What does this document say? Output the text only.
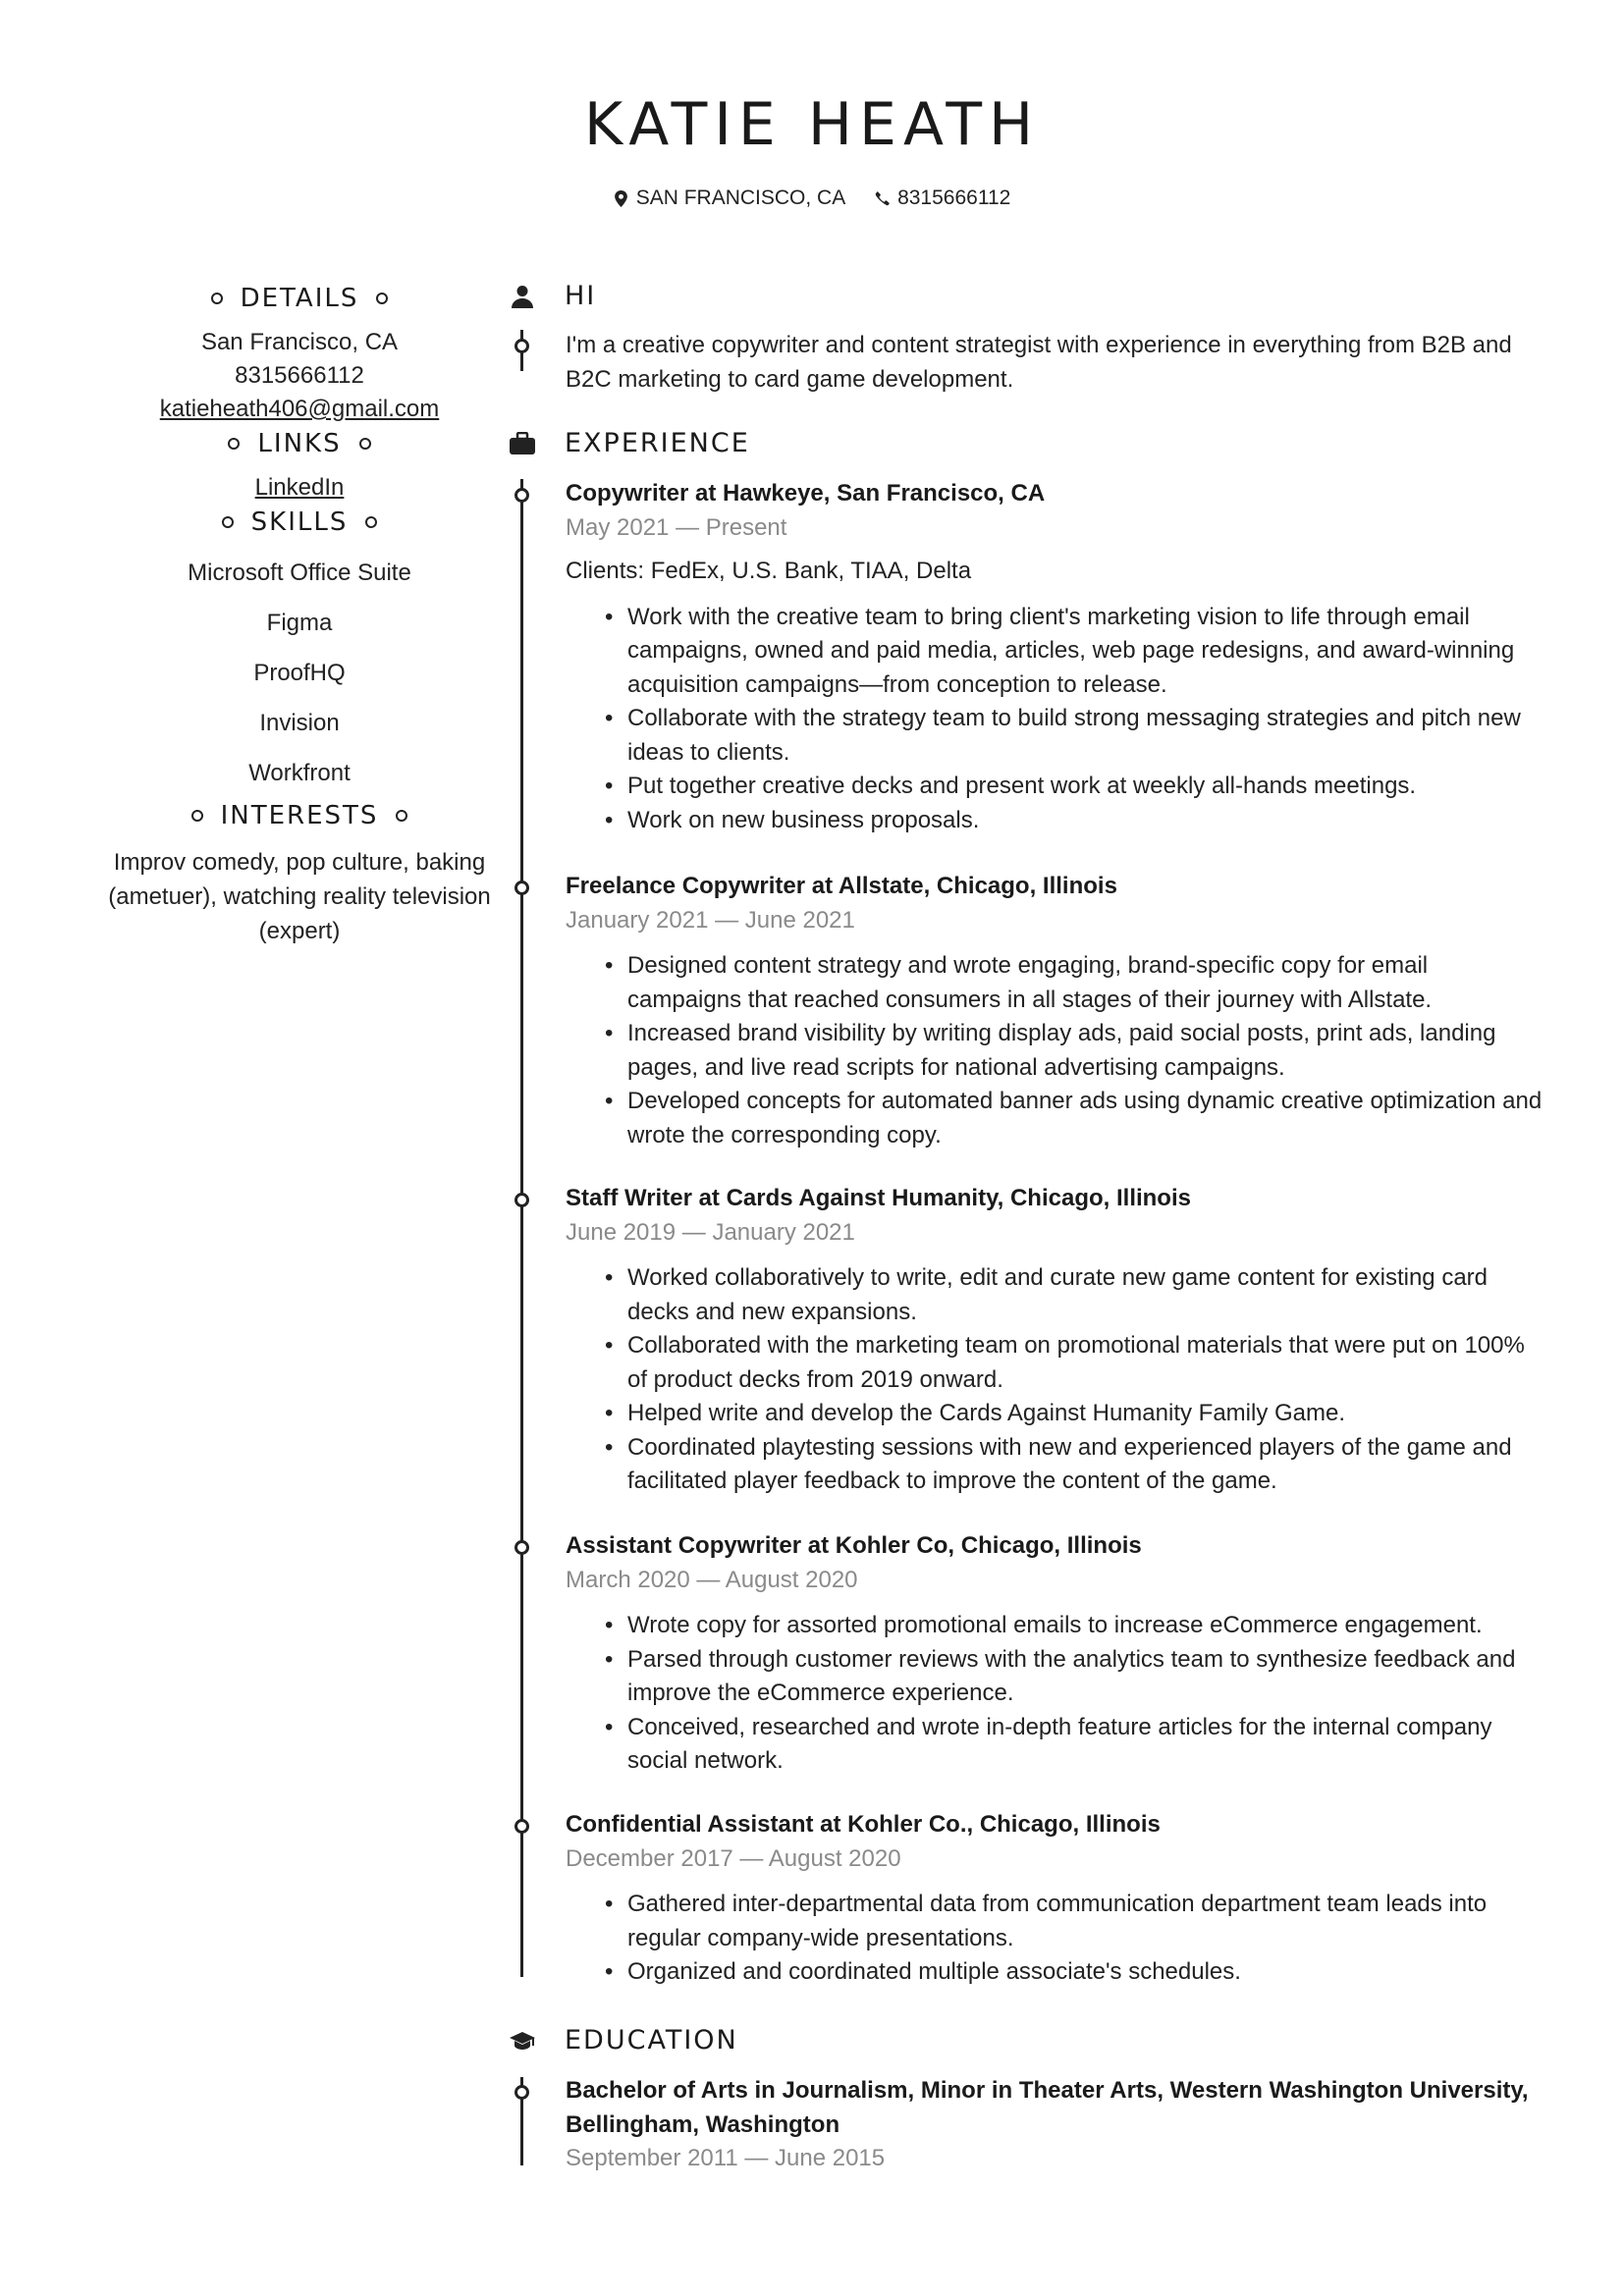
KATIE HEATH
SAN FRANCISCO, CA
	8315666112
DETAILS
San Francisco, CA
8315666112
katieheath406@gmail.com
LINKS
LinkedIn
SKILLS
Microsoft Office Suite
Figma
ProofHQ
Invision
Workfront
INTERESTS
Improv comedy, pop culture, baking (ametuer), watching reality television (expert)
HI
I'm a creative copywriter and content strategist with experience in everything from B2B and B2C marketing to card game development.
EXPERIENCE
Copywriter at Hawkeye, San Francisco, CA
May 2021 — Present
Clients: FedEx, U.S. Bank, TIAA, Delta
• Work with the creative team to bring client's marketing vision to life through email campaigns, owned and paid media, articles, web page redesigns, and award-winning acquisition campaigns—from conception to release.
• Collaborate with the strategy team to build strong messaging strategies and pitch new ideas to clients.
• Put together creative decks and present work at weekly all-hands meetings.
• Work on new business proposals.
Freelance Copywriter at Allstate, Chicago, Illinois
January 2021 — June 2021
• Designed content strategy and wrote engaging, brand-specific copy for email campaigns that reached consumers in all stages of their journey with Allstate.
• Increased brand visibility by writing display ads, paid social posts, print ads, landing pages, and live read scripts for national advertising campaigns.
• Developed concepts for automated banner ads using dynamic creative optimization and wrote the corresponding copy.
Staff Writer at Cards Against Humanity, Chicago, Illinois
June 2019 — January 2021
• Worked collaboratively to write, edit and curate new game content for existing card decks and new expansions.
• Collaborated with the marketing team on promotional materials that were put on 100% of product decks from 2019 onward.
• Helped write and develop the Cards Against Humanity Family Game.
• Coordinated playtesting sessions with new and experienced players of the game and facilitated player feedback to improve the content of the game.
Assistant Copywriter at Kohler Co, Chicago, Illinois
March 2020 — August 2020
• Wrote copy for assorted promotional emails to increase eCommerce engagement.
• Parsed through customer reviews with the analytics team to synthesize feedback and improve the eCommerce experience.
• Conceived, researched and wrote in-depth feature articles for the internal company social network.
Confidential Assistant at Kohler Co., Chicago, Illinois
December 2017 — August 2020
• Gathered inter-departmental data from communication department team leads into regular company-wide presentations.
• Organized and coordinated multiple associate's schedules.
EDUCATION
Bachelor of Arts in Journalism, Minor in Theater Arts, Western Washington University, Bellingham, Washington
September 2011 — June 2015
